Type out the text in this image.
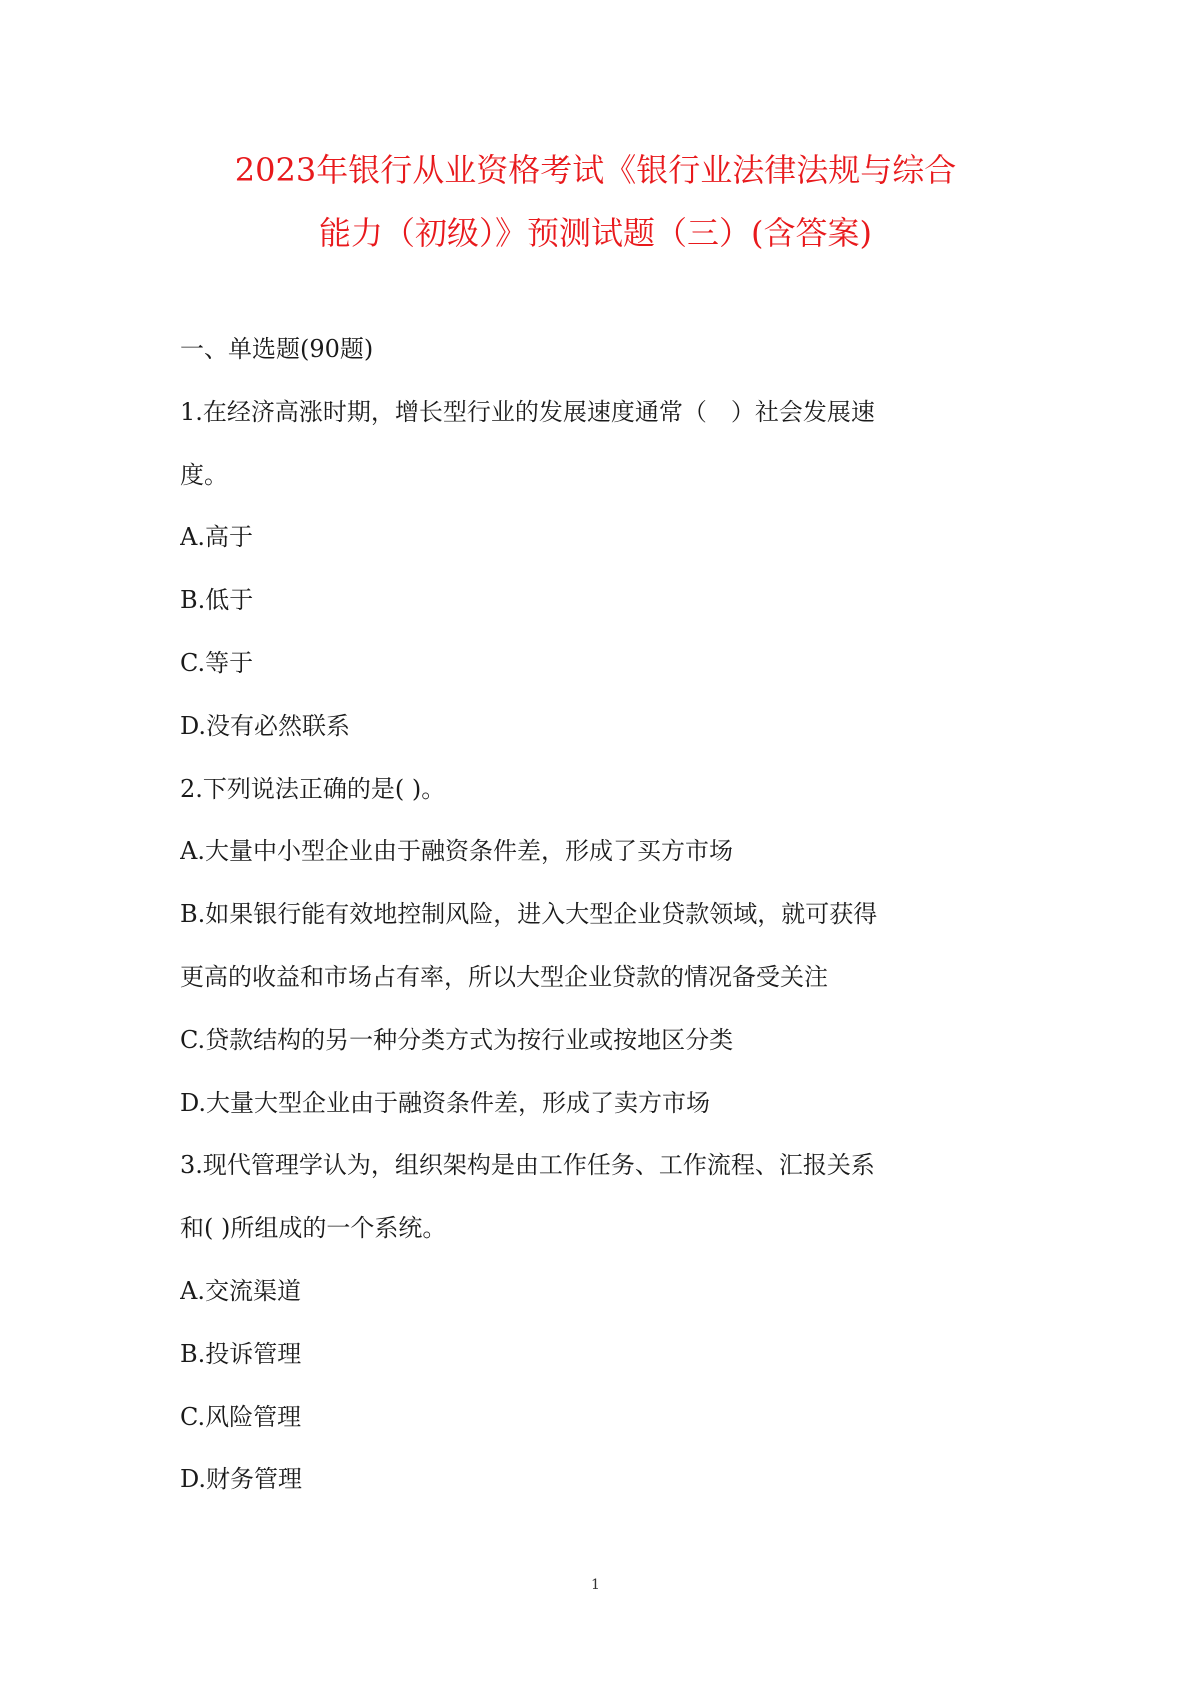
2023年银行从业资格考试《银行业法律法规与综合
能力（初级）》预测试题（三）(含答案)
一、单选题(90题)
1.在经济高涨时期，增长型行业的发展速度通常（　）社会发展速
度。
A.高于
B.低于
C.等于
D.没有必然联系
2.下列说法正确的是( )。
A.大量中小型企业由于融资条件差，形成了买方市场
B.如果银行能有效地控制风险，进入大型企业贷款领域，就可获得
更高的收益和市场占有率，所以大型企业贷款的情况备受关注
C.贷款结构的另一种分类方式为按行业或按地区分类
D.大量大型企业由于融资条件差，形成了卖方市场
3.现代管理学认为，组织架构是由工作任务、工作流程、汇报关系
和( )所组成的一个系统。
A.交流渠道
B.投诉管理
C.风险管理
D.财务管理
1
